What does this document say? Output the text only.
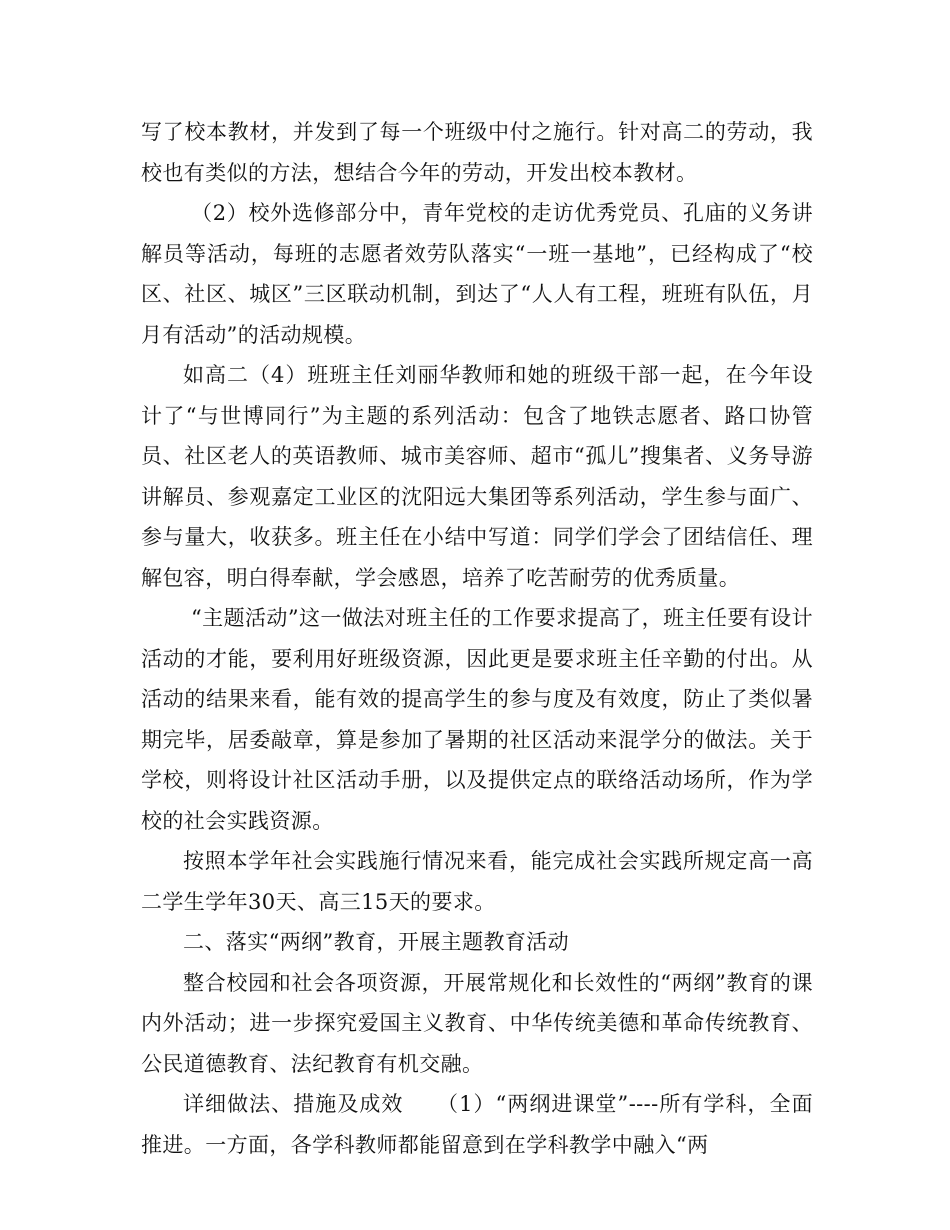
写了校本教材，并发到了每一个班级中付之施行。针对高二的劳动，我校也有类似的方法，想结合今年的劳动，开发出校本教材。

（2）校外选修部分中，青年党校的走访优秀党员、孔庙的义务讲解员等活动，每班的志愿者效劳队落实“一班一基地”，已经构成了“校区、社区、城区”三区联动机制，到达了“人人有工程，班班有队伍，月月有活动”的活动规模。

如高二（4）班班主任刘丽华教师和她的班级干部一起，在今年设计了“与世博同行”为主题的系列活动：包含了地铁志愿者、路口协管员、社区老人的英语教师、城市美容师、超市“孤儿”搜集者、义务导游讲解员、参观嘉定工业区的沈阳远大集团等系列活动，学生参与面广、参与量大，收获多。班主任在小结中写道：同学们学会了团结信任、理解包容，明白得奉献，学会感恩，培养了吃苦耐劳的优秀质量。

“主题活动”这一做法对班主任的工作要求提高了，班主任要有设计活动的才能，要利用好班级资源，因此更是要求班主任辛勤的付出。从活动的结果来看，能有效的提高学生的参与度及有效度，防止了类似暑期完毕，居委敲章，算是参加了暑期的社区活动来混学分的做法。关于学校，则将设计社区活动手册，以及提供定点的联络活动场所，作为学校的社会实践资源。

按照本学年社会实践施行情况来看，能完成社会实践所规定高一高二学生学年30天、高三15天的要求。

二、落实“两纲”教育，开展主题教育活动

整合校园和社会各项资源，开展常规化和长效性的“两纲”教育的课内外活动；进一步探究爱国主义教育、中华传统美德和革命传统教育、公民道德教育、法纪教育有机交融。

详细做法、措施及成效　　（1）“两纲进课堂”----所有学科，全面推进。一方面，各学科教师都能留意到在学科教学中融入“两
